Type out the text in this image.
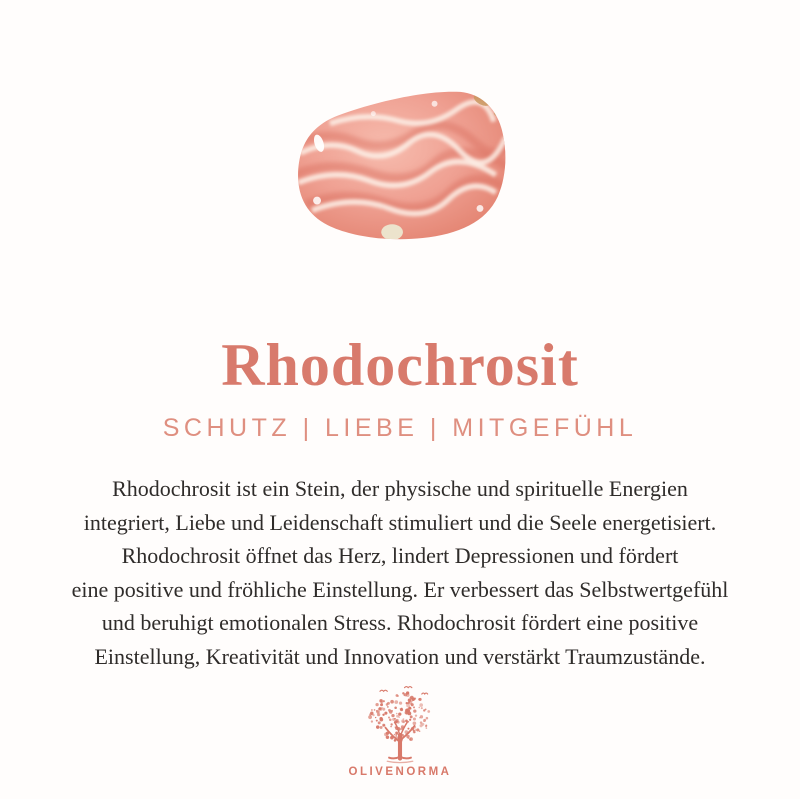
Rhodochrosit
SCHUTZ | LIEBE | MITGEFÜHL
Rhodochrosit ist ein Stein, der physische und spirituelle Energien
integriert, Liebe und Leidenschaft stimuliert und die Seele energetisiert.
Rhodochrosit öffnet das Herz, lindert Depressionen und fördert
eine positive und fröhliche Einstellung. Er verbessert das Selbstwertgefühl
und beruhigt emotionalen Stress. Rhodochrosit fördert eine positive
Einstellung, Kreativität und Innovation und verstärkt Traumzustände.
OLIVENORMA
